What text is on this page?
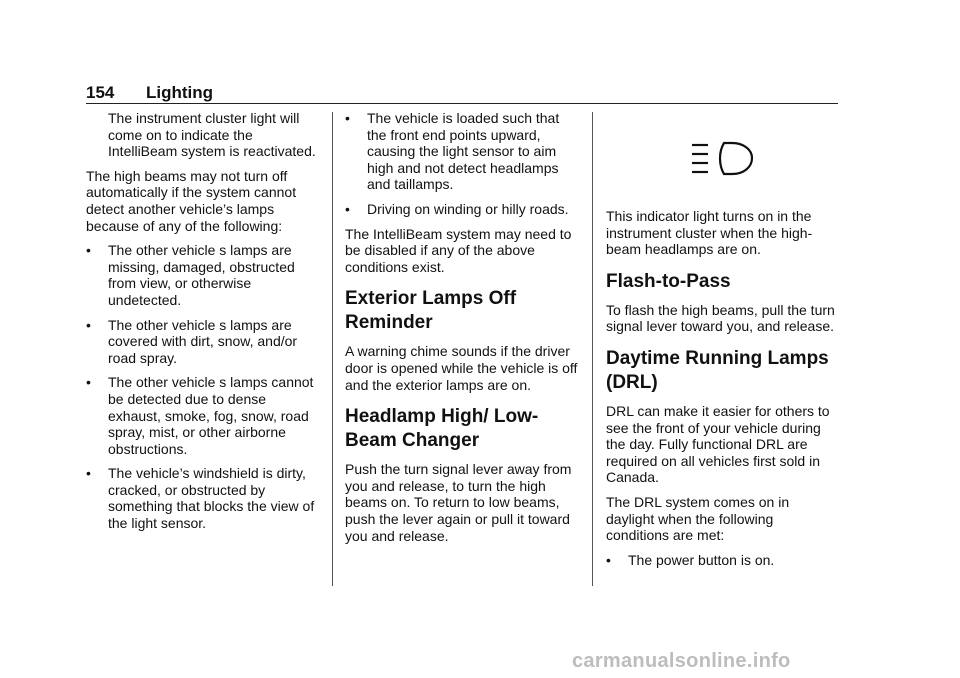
154 Lighting

The instrument cluster light will come on to indicate the IntelliBeam system is reactivated.

The high beams may not turn off automatically if the system cannot detect another vehicle’s lamps because of any of the following:

• The other vehicle s lamps are missing, damaged, obstructed from view, or otherwise undetected.
• The other vehicle s lamps are covered with dirt, snow, and/or road spray.
• The other vehicle s lamps cannot be detected due to dense exhaust, smoke, fog, snow, road spray, mist, or other airborne obstructions.
• The vehicle’s windshield is dirty, cracked, or obstructed by something that blocks the view of the light sensor.
• The vehicle is loaded such that the front end points upward, causing the light sensor to aim high and not detect headlamps and taillamps.
• Driving on winding or hilly roads.

The IntelliBeam system may need to be disabled if any of the above conditions exist.

Exterior Lamps Off Reminder

A warning chime sounds if the driver door is opened while the vehicle is off and the exterior lamps are on.

Headlamp High/ Low-Beam Changer

Push the turn signal lever away from you and release, to turn the high beams on. To return to low beams, push the lever again or pull it toward you and release.

This indicator light turns on in the instrument cluster when the high-beam headlamps are on.

Flash-to-Pass

To flash the high beams, pull the turn signal lever toward you, and release.

Daytime Running Lamps (DRL)

DRL can make it easier for others to see the front of your vehicle during the day. Fully functional DRL are required on all vehicles first sold in Canada.

The DRL system comes on in daylight when the following conditions are met:

• The power button is on.
carmanualsonline.info
